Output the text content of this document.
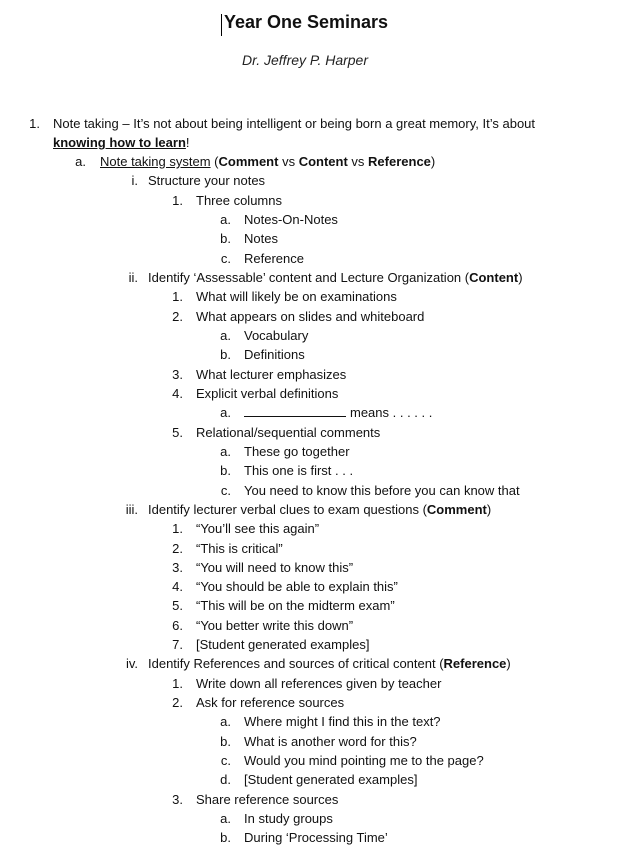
Year One Seminars
Dr. Jeffrey P. Harper
1. Note taking – It’s not about being intelligent or being born a great memory, It’s about
knowing how to learn!
a. Note taking system (Comment vs Content vs Reference)
i. Structure your notes
1. Three columns
a. Notes-On-Notes
b. Notes
c. Reference
ii. Identify ‘Assessable’ content and Lecture Organization (Content)
1. What will likely be on examinations
2. What appears on slides and whiteboard
a. Vocabulary
b. Definitions
3. What lecturer emphasizes
4. Explicit verbal definitions
a.	means . . . . . .
5. Relational/sequential comments
a. These go together
b. This one is first . . .
c. You need to know this before you can know that
iii. Identify lecturer verbal clues to exam questions (Comment)
1. “You’ll see this again”
2. “This is critical”
3. “You will need to know this”
4. “You should be able to explain this”
5. “This will be on the midterm exam”
6. “You better write this down”
7. [Student generated examples]
iv. Identify References and sources of critical content (Reference)
1. Write down all references given by teacher
2. Ask for reference sources
a. Where might I find this in the text?
b. What is another word for this?
c. Would you mind pointing me to the page?
d. [Student generated examples]
3. Share reference sources
a. In study groups
b. During ‘Processing Time’
